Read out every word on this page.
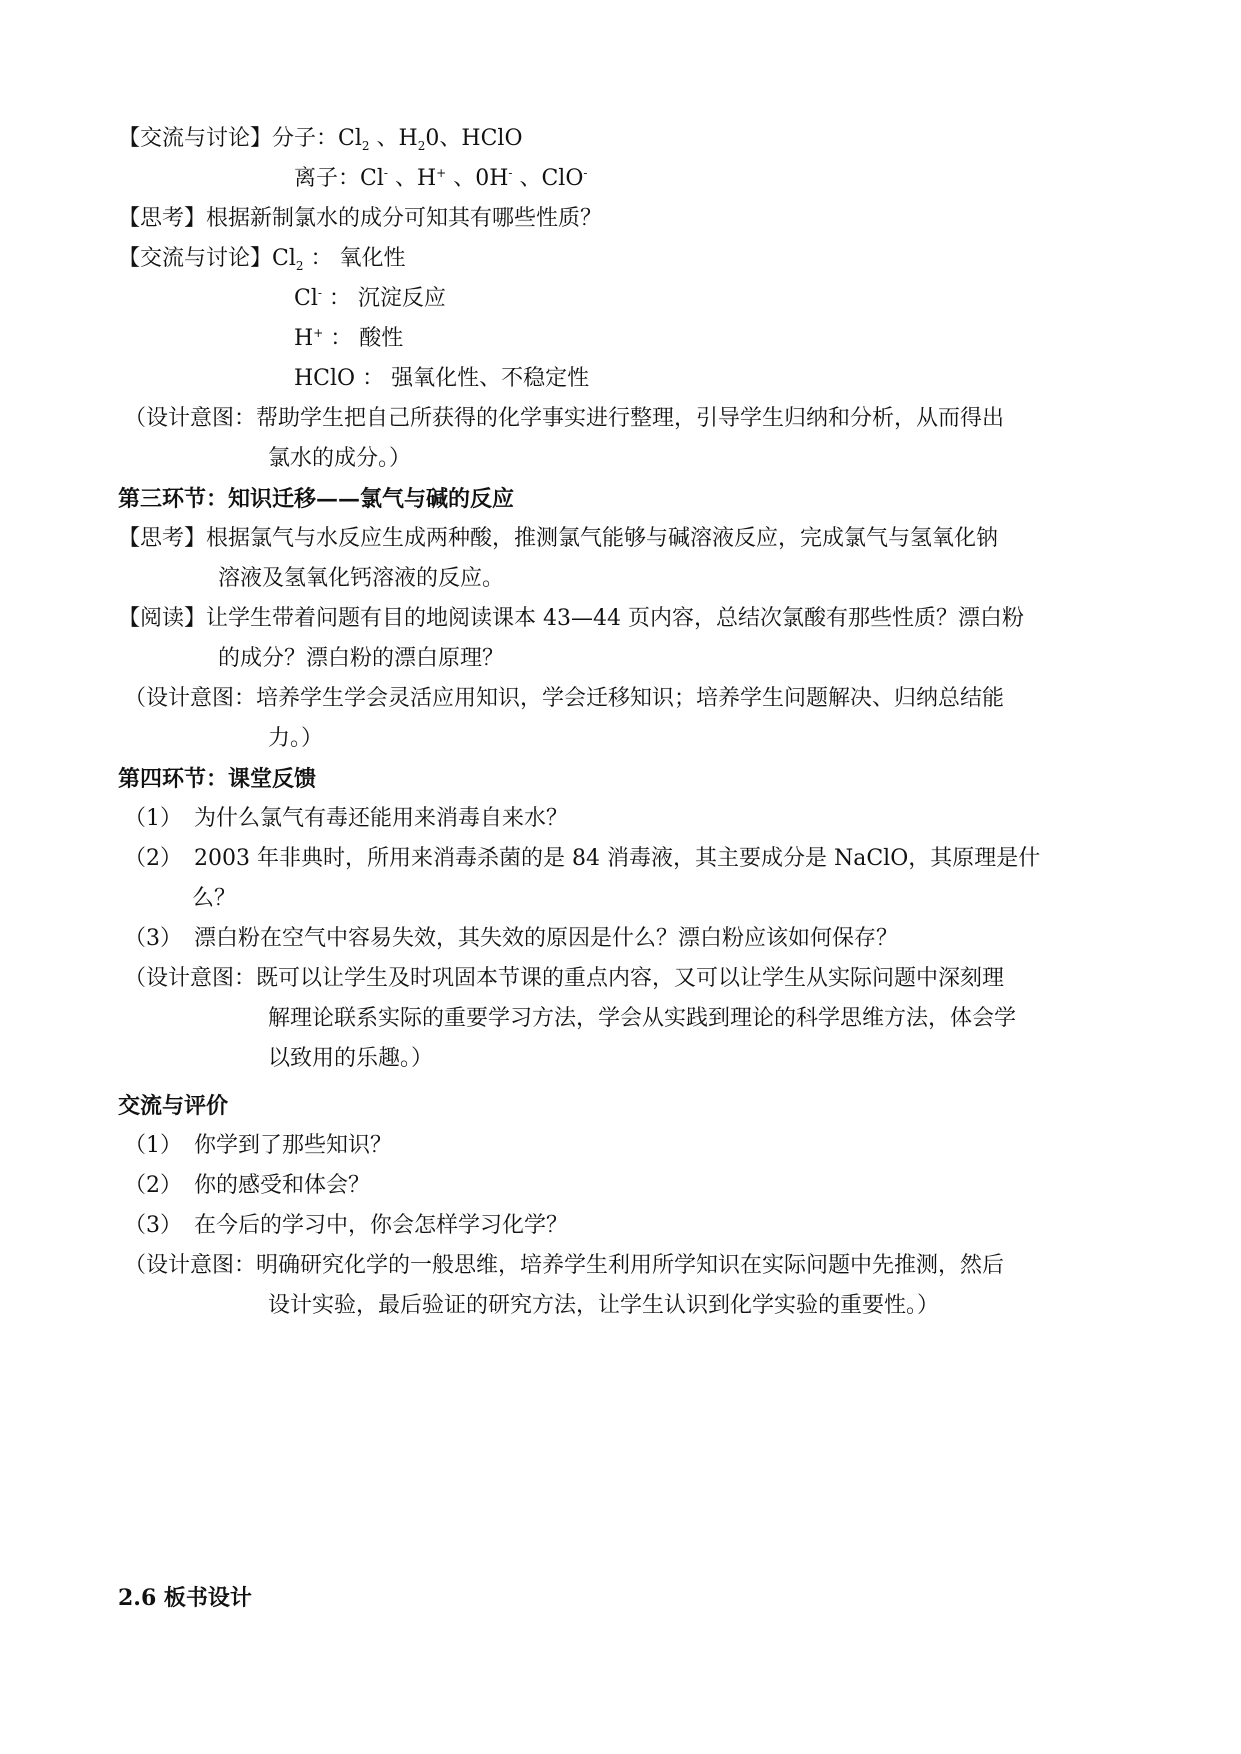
【交流与讨论】分子：$Cl_2$ 、$H_20$、HClO
离子：Cl- 、H+ 、0H- 、ClO-
【思考】根据新制氯水的成分可知其有哪些性质？
【交流与讨论】$Cl_2$ ： 氧化性
Cl- ： 沉淀反应
H+ ： 酸性
HClO ： 强氧化性、不稳定性
（设计意图：帮助学生把自己所获得的化学事实进行整理，引导学生归纳和分析，从而得出
氯水的成分。）
第三环节：知识迁移——氯气与碱的反应
【思考】根据氯气与水反应生成两种酸，推测氯气能够与碱溶液反应，完成氯气与氢氧化钠
溶液及氢氧化钙溶液的反应。
【阅读】让学生带着问题有目的地阅读课本 43—44 页内容，总结次氯酸有那些性质？漂白粉
的成分？漂白粉的漂白原理？
（设计意图：培养学生学会灵活应用知识，学会迁移知识；培养学生问题解决、归纳总结能
力。）
第四环节：课堂反馈
（1） 为什么氯气有毒还能用来消毒自来水？
（2） 2003 年非典时，所用来消毒杀菌的是 84 消毒液，其主要成分是 NaClO，其原理是什
么？
（3） 漂白粉在空气中容易失效，其失效的原因是什么？漂白粉应该如何保存？
（设计意图：既可以让学生及时巩固本节课的重点内容，又可以让学生从实际问题中深刻理
解理论联系实际的重要学习方法，学会从实践到理论的科学思维方法，体会学
以致用的乐趣。）
交流与评价
（1） 你学到了那些知识？
（2） 你的感受和体会？
（3） 在今后的学习中，你会怎样学习化学？
（设计意图：明确研究化学的一般思维，培养学生利用所学知识在实际问题中先推测，然后
设计实验，最后验证的研究方法，让学生认识到化学实验的重要性。）
2.6 板书设计
